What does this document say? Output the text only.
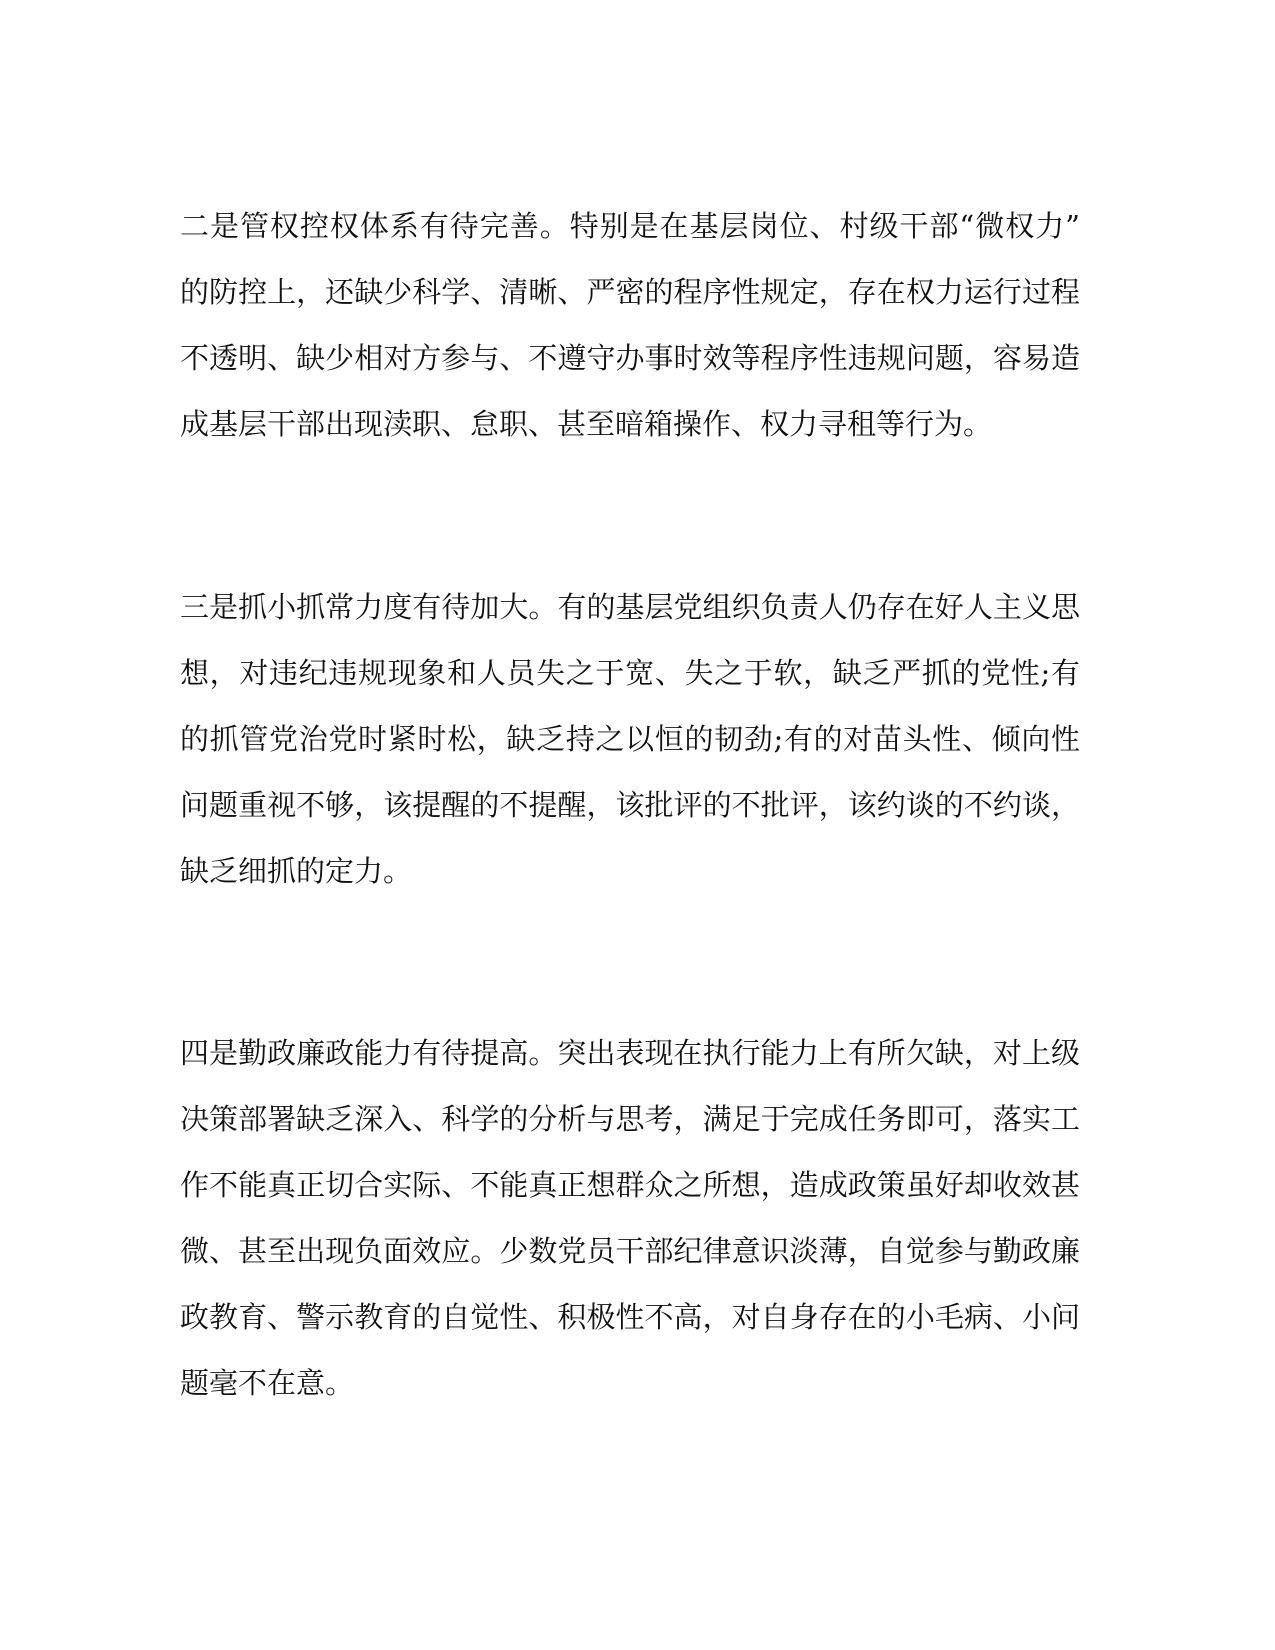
二是管权控权体系有待完善。特别是在基层岗位、村级干部“微权力”
的防控上，还缺少科学、清晰、严密的程序性规定，存在权力运行过程
不透明、缺少相对方参与、不遵守办事时效等程序性违规问题，容易造
成基层干部出现渎职、怠职、甚至暗箱操作、权力寻租等行为。

三是抓小抓常力度有待加大。有的基层党组织负责人仍存在好人主义思
想，对违纪违规现象和人员失之于宽、失之于软，缺乏严抓的党性;有
的抓管党治党时紧时松，缺乏持之以恒的韧劲;有的对苗头性、倾向性
问题重视不够，该提醒的不提醒，该批评的不批评，该约谈的不约谈，
缺乏细抓的定力。

四是勤政廉政能力有待提高。突出表现在执行能力上有所欠缺，对上级
决策部署缺乏深入、科学的分析与思考，满足于完成任务即可，落实工
作不能真正切合实际、不能真正想群众之所想，造成政策虽好却收效甚
微、甚至出现负面效应。少数党员干部纪律意识淡薄，自觉参与勤政廉
政教育、警示教育的自觉性、积极性不高，对自身存在的小毛病、小问
题毫不在意。
